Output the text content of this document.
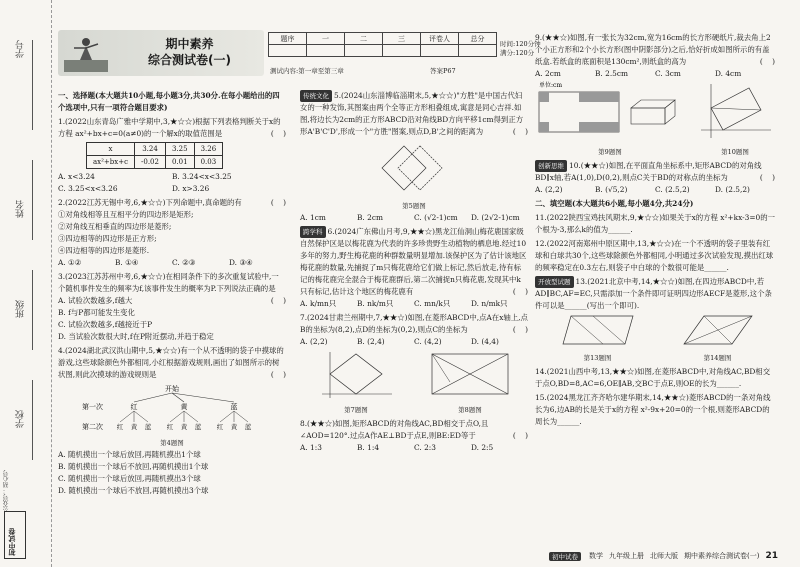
学号
姓名
班级
学校
初中试卷
公众号：初心号
期中素养
综合测试卷(一)
题序	一	二	三	评卷人	总分

时间:120分钟
满分:120分
测试内容:第一章至第三章	答案P67
一、选择题(本大题共10小题,每小题3分,共30分.在每小题给出的四个选项中,只有一项符合题目要求)
1.(2022山东青岛广雅中学期中,3,★☆☆)根据下列表格判断关于x的方程 ax²+bx+c=0(a≠0)的一个解x的取值范围是	(    )
x	3.24	3.25	3.26
ax²+bx+c	-0.02	0.01	0.03
A. x<3.24	B. 3.24<x<3.25
C. 3.25<x<3.26	D. x>3.26
2.(2022江苏无锡中考,6,★☆☆)下列命题中,真命题的有	(    )
①对角线相等且互相平分的四边形是矩形;
②对角线互相垂直的四边形是菱形;
③四边相等的四边形是正方形;
④四边相等的四边形是菱形.
A. ①②	B. ①④	C. ②③	D. ③④
3.(2023江苏苏州中考,6,★☆☆)在相同条件下的多次重复试验中,一个随机事件发生的频率为f,该事件发生的概率为P.下列说法正确的是
(    )
A. 试验次数越多,f越大
B. f与P都可能发生变化
C. 试验次数越多,f越接近于P
D. 当试验次数很大时,f在P附近摆动,并趋于稳定
4.(2024湖北武汉洪山期中,5,★☆☆)有一个从不透明的袋子中摸球的游戏,这些球除颜色外都相同,小红根据游戏规则,画出了如图所示的树状图,则此次摸球的游戏规则是	(    )
开始
第一次
第二次
红	黄	蓝
红 黄 蓝 红 黄 蓝 红 黄 蓝
第4题图
A. 随机摸出一个球后放回,再随机摸出1个球
B. 随机摸出一个球后不放回,再随机摸出1个球
C. 随机摸出一个球后放回,再随机摸出3个球
D. 随机摸出一个球后不放回,再随机摸出3个球
传统文化 5.(2024山东淄博临淄期末,5,★☆☆)"方胜"是中国古代妇女的一种发饰,其图案由两个全等正方形相叠组成,寓意是同心吉祥.如图,将边长为2cm的正方形ABCD沿对角线BD方向平移1cm得到正方形A'B'C'D',形成一个"方胜"图案,则点D,B'之间的距离为	(    )
第5题图
A. 1cm	B. 2cm	C. (√2-1)cm	D. (2√2-1)cm
跨学科 6.(2024广东佛山月考,9,★★☆)黑龙江仙洞山梅花鹿国家级自然保护区是以梅花鹿为代表的许多珍贵野生动植物的栖息地.经过10多年的努力,野生梅花鹿的种群数量明显增加.该保护区为了估计该地区梅花鹿的数量,先捕捉了m只梅花鹿给它们做上标记,然后放走,待有标记的梅花鹿完全混合于梅花鹿群后,第二次捕捉n只梅花鹿,发现其中k只有标记,估计这个地区的梅花鹿有	(    )
A. k/mn只	B. nk/m只	C. mn/k只	D. n/mk只
7.(2024甘肃兰州期中,7,★★☆)如图,在菱形ABCD中,点A在x轴上,点B的坐标为(8,2),点D的坐标为(0,2),则点C的坐标为	(    )
A. (2,2)	B. (2,4)	C. (4,2)	D. (4,4)
第7题图	第8题图
8.(★★☆)如图,矩形ABCD的对角线AC,BD相交于点O,且∠AOD=120°.过点A作AE⊥BD于点E,则BE:ED等于	(    )
A. 1:3	B. 1:4	C. 2:3	D. 2:5
9.(★★☆)如图,有一张长为32cm,宽为16cm的长方形硬纸片,裁去角上2个小正方形和2个小长方形(图中阴影部分)之后,恰好折成如图所示的有盖纸盒.若纸盒的底面积是130cm²,则纸盒的高为	(    )
A. 2cm	B. 2.5cm	C. 3cm	D. 4cm
单位:cm
第9题图	第10题图
创新思维 10.(★★☆)如图,在平面直角坐标系中,矩形ABCD的对角线BD∥x轴,若A(1,0),D(0,2),则点C关于BD的对称点的坐标为	(    )
A. (2,2)	B. (√5,2)	C. (2.5,2)	D. (2.5,2)
二、填空题(本大题共6小题,每小题4分,共24分)
11.(2022陕西宝鸡扶风期末,9,★☆☆)如果关于x的方程 x²+kx-3=0的一个根为-3,那么k的值为______.
12.(2022河南郑州中原区期中,13,★☆☆)在一个不透明的袋子里装有红球和白球共30个,这些球除颜色外都相同,小明通过多次试验发现,摸出红球的频率稳定在0.3左右,则袋子中白球的个数很可能是______.
开放型试题 13.(2021北京中考,14,★☆☆)如图,在四边形ABCD中,若AD∥BC,AF=EC,只需添加一个条件即可证明四边形AECF是菱形,这个条件可以是______(写出一个即可).
第13题图	第14题图
14.(2021山西中考,13,★★☆)如图,在菱形ABCD中,对角线AC,BD相交于点O,BD=8,AC=6,OE∥AB,交BC于点E,则OE的长为______.
15.(2024黑龙江齐齐哈尔建华期末,14,★★☆)菱形ABCD的一条对角线长为6,边AB的长是关于x的方程 x²-9x+20=0的一个根,则菱形ABCD的周长为______.
初中试卷	数学 九年级上册 北师大版 期中素养综合测试卷(一) 21
